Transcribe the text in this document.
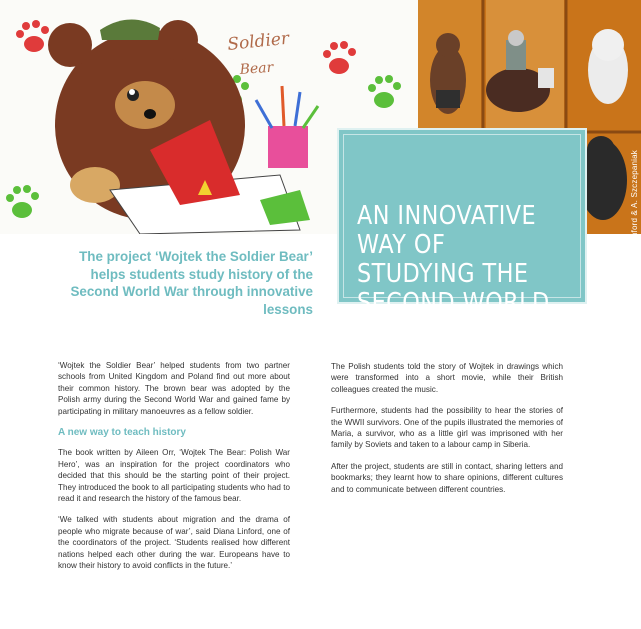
Soldier
Bear
© D. Linford & A. Szczepaniak
AN INNOVATIVE WAY OF STUDYING THE SECOND WORLD WAR
The project ‘Wojtek the Soldier Bear’ helps students study history of the Second World War through innovative lessons

‘Wojtek the Soldier Bear’ helped students from two partner schools from United Kingdom and Poland find out more about their common history. The brown bear was adopted by the Polish army during the Second World War and gained fame by participating in military manoeuvres as a fellow soldier.

A new way to teach history

The book written by Aileen Orr, ‘Wojtek The Bear: Polish War Hero’, was an inspiration for the project coordinators who decided that this should be the starting point of their project. They introduced the book to all participating students who had to read it and research the history of the famous bear.

‘We talked with students about migration and the drama of people who migrate because of war’, said Diana Linford, one of the coordinators of the project. ‘Students realised how different nations helped each other during the war. Europeans have to know their history to avoid conflicts in the future.’

The Polish students told the story of Wojtek in drawings which were transformed into a short movie, while their British colleagues created the music.

Furthermore, students had the possibility to hear the stories of the WWII survivors. One of the pupils illustrated the memories of Maria, a survivor, who as a little girl was imprisoned with her family by Soviets and taken to a labour camp in Siberia.

After the project, students are still in contact, sharing letters and bookmarks; they learnt how to share opinions, different cultures and to communicate between different countries.
